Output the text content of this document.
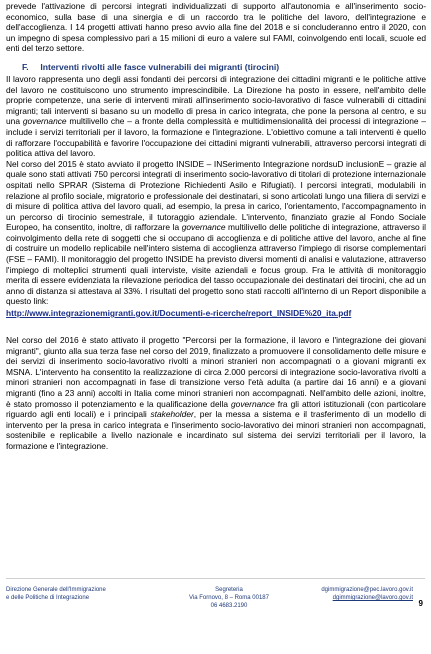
prevede l'attivazione di percorsi integrati individualizzati di supporto all'autonomia e all'inserimento socio-economico, sulla base di una sinergia e di un raccordo tra le politiche del lavoro, dell'integrazione e dell'accoglienza. I 14 progetti attivati hanno preso avvio alla fine del 2018 e si concluderanno entro il 2020, con un impegno di spesa complessivo pari a 15 milioni di euro a valere sul FAMI, coinvolgendo enti locali, scuole ed enti del terzo settore.

F. Interventi rivolti alle fasce vulnerabili dei migranti (tirocini)

Il lavoro rappresenta uno degli assi fondanti dei percorsi di integrazione dei cittadini migranti e le politiche attive del lavoro ne costituiscono uno strumento imprescindibile. La Direzione ha posto in essere, nell'ambito delle proprie competenze, una serie di interventi mirati all'inserimento socio-lavorativo di fasce vulnerabili di cittadini migranti; tali interventi si basano su un modello di presa in carico integrata, che pone la persona al centro, e su una governance multilivello che – a fronte della complessità e multidimensionalità dei processi di integrazione – include i servizi territoriali per il lavoro, la formazione e l'integrazione. L'obiettivo comune a tali interventi è quello di rafforzare l'occupabilità e favorire l'occupazione dei cittadini migranti vulnerabili, attraverso percorsi integrati di politica attiva del lavoro.

Nel corso del 2015 è stato avviato il progetto INSIDE – INSerimento Integrazione nordsuD inclusionE – grazie al quale sono stati attivati 750 percorsi integrati di inserimento socio-lavorativo di titolari di protezione internazionale ospitati nello SPRAR (Sistema di Protezione Richiedenti Asilo e Rifugiati). I percorsi integrati, modulabili in relazione al profilo sociale, migratorio e professionale dei destinatari, si sono articolati lungo una filiera di servizi e di misure di politica attiva del lavoro quali, ad esempio, la presa in carico, l'orientamento, l'accompagnamento in un percorso di tirocinio semestrale, il tutoraggio aziendale. L'intervento, finanziato grazie al Fondo Sociale Europeo, ha consentito, inoltre, di rafforzare la governance multilivello delle politiche di integrazione, attraverso il coinvolgimento della rete di soggetti che si occupano di accoglienza e di politiche attive del lavoro, anche al fine di costruire un modello replicabile nell'intero sistema di accoglienza attraverso l'impiego di risorse complementari (FSE – FAMI). Il monitoraggio del progetto INSIDE ha previsto diversi momenti di analisi e valutazione, attraverso l'impiego di molteplici strumenti quali interviste, visite aziendali e focus group. Fra le attività di monitoraggio merita di essere evidenziata la rilevazione periodica del tasso occupazionale dei destinatari dei tirocini, che ad un anno di distanza si attestava al 33%. I risultati del progetto sono stati raccolti all'interno di un Report disponibile a questo link:

http://www.integrazionemigranti.gov.it/Documenti-e-ricerche/report_INSIDE%20_ita.pdf

Nel corso del 2016 è stato attivato il progetto "Percorsi per la formazione, il lavoro e l'integrazione dei giovani migranti", giunto alla sua terza fase nel corso del 2019, finalizzato a promuovere il consolidamento delle misure e dei servizi di inserimento socio-lavorativo rivolti a minori stranieri non accompagnati o a giovani migranti ex MSNA. L'intervento ha consentito la realizzazione di circa 2.000 percorsi di integrazione socio-lavorativa rivolti a minori stranieri non accompagnati in fase di transizione verso l'età adulta (a partire dai 16 anni) e a giovani migranti (fino a 23 anni) accolti in Italia come minori stranieri non accompagnati. Nell'ambito delle azioni, inoltre, è stato promosso il potenziamento e la qualificazione della governance fra gli attori istituzionali (con particolare riguardo agli enti locali) e i principali stakeholder, per la messa a sistema e il trasferimento di un modello di intervento per la presa in carico integrata e l'inserimento socio-lavorativo dei minori stranieri non accompagnati, sostenibile e replicabile a livello nazionale e incardinato sul sistema dei servizi territoriali per il lavoro, la formazione e l'integrazione.

Direzione Generale dell'Immigrazione
e delle Politiche di Integrazione
Segreteria
Via Fornovo, 8 – Roma 00187
06 4683.2190
dgimmigrazione@pec.lavoro.gov.it
dgimmigrazione@lavoro.gov.it
9
